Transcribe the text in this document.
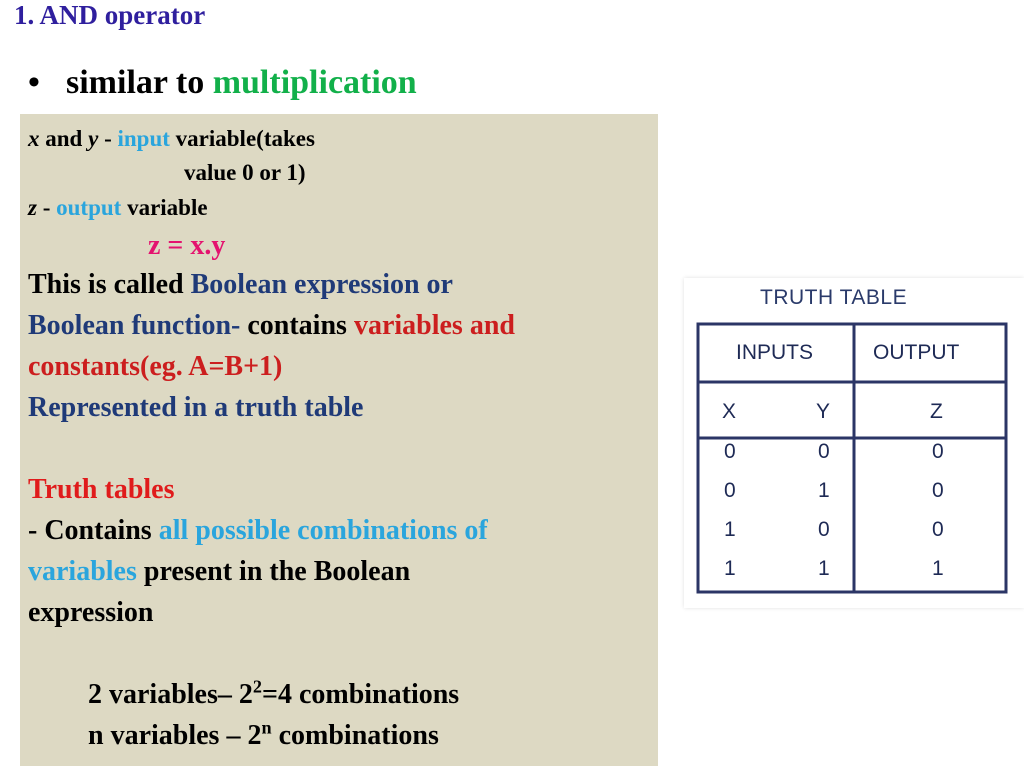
1. AND operator
• similar to multiplication
x and y - input variable(takes
value 0 or 1)
z - output variable
z = x.y
This is called Boolean expression or
Boolean function- contains variables and
constants(eg. A=B+1)
Represented in a truth table
Truth tables
- Contains all possible combinations of
variables present in the Boolean
expression
2 variables– $2^2=4$ combinations
n variables – 2$^n$ combinations
TRUTH TABLE
INPUTS	OUTPUT
X	Y	Z
0	0	0
0	1	0
1	0	0
1	1	1
